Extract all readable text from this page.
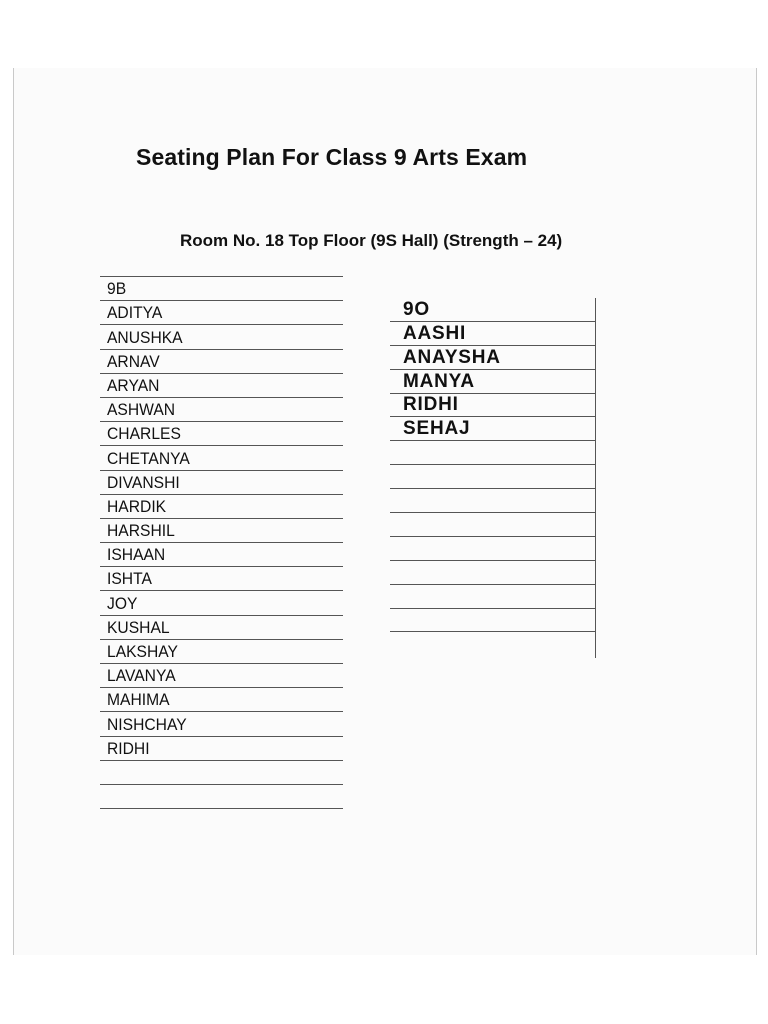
Seating Plan For Class 9 Arts Exam
Room No. 18 Top Floor (9S Hall) (Strength – 24)
9B
ADITYA
ANUSHKA
ARNAV
ARYAN
ASHWAN
CHARLES
CHETANYA
DIVANSHI
HARDIK
HARSHIL
ISHAAN
ISHTA
JOY
KUSHAL
LAKSHAY
LAVANYA
MAHIMA
NISHCHAY
RIDHI
9O
AASHI
ANAYSHA
MANYA
RIDHI
SEHAJ
